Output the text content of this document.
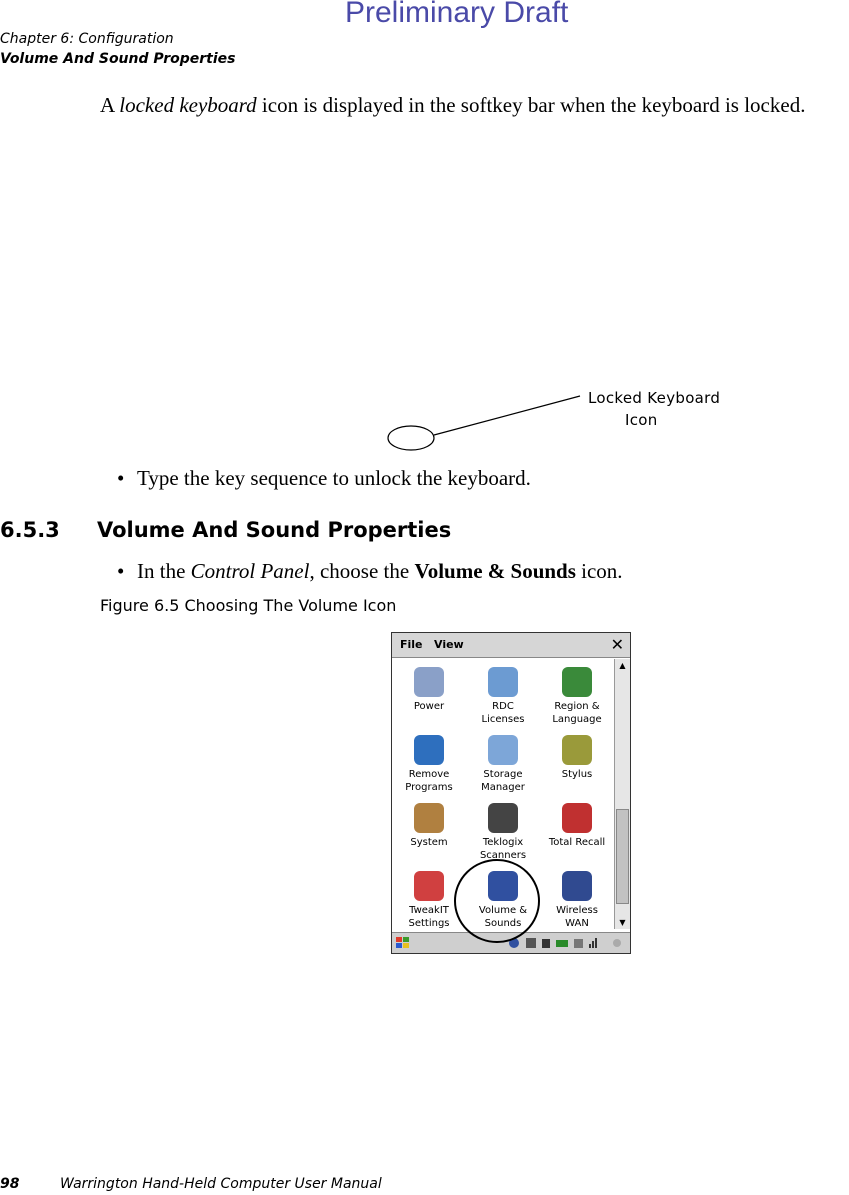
Preliminary Draft
Chapter 6: Configuration
Volume And Sound Properties
A locked keyboard icon is displayed in the softkey bar when the keyboard is locked.
Locked Keyboard
Icon
• Type the key sequence to unlock the keyboard.
6.5.3 Volume And Sound Properties
• In the Control Panel, choose the Volume & Sounds icon.
Figure 6.5 Choosing The Volume Icon
File View	✕
Power	RDC
Licenses
Region &
Language
Remove
Programs
Storage
Manager
Stylus
System	Teklogix
Scanners
Total Recall
TweakIT
Settings
Volume &
Sounds
Wireless
WAN
▲
▼
98	Warrington Hand-Held Computer User Manual
